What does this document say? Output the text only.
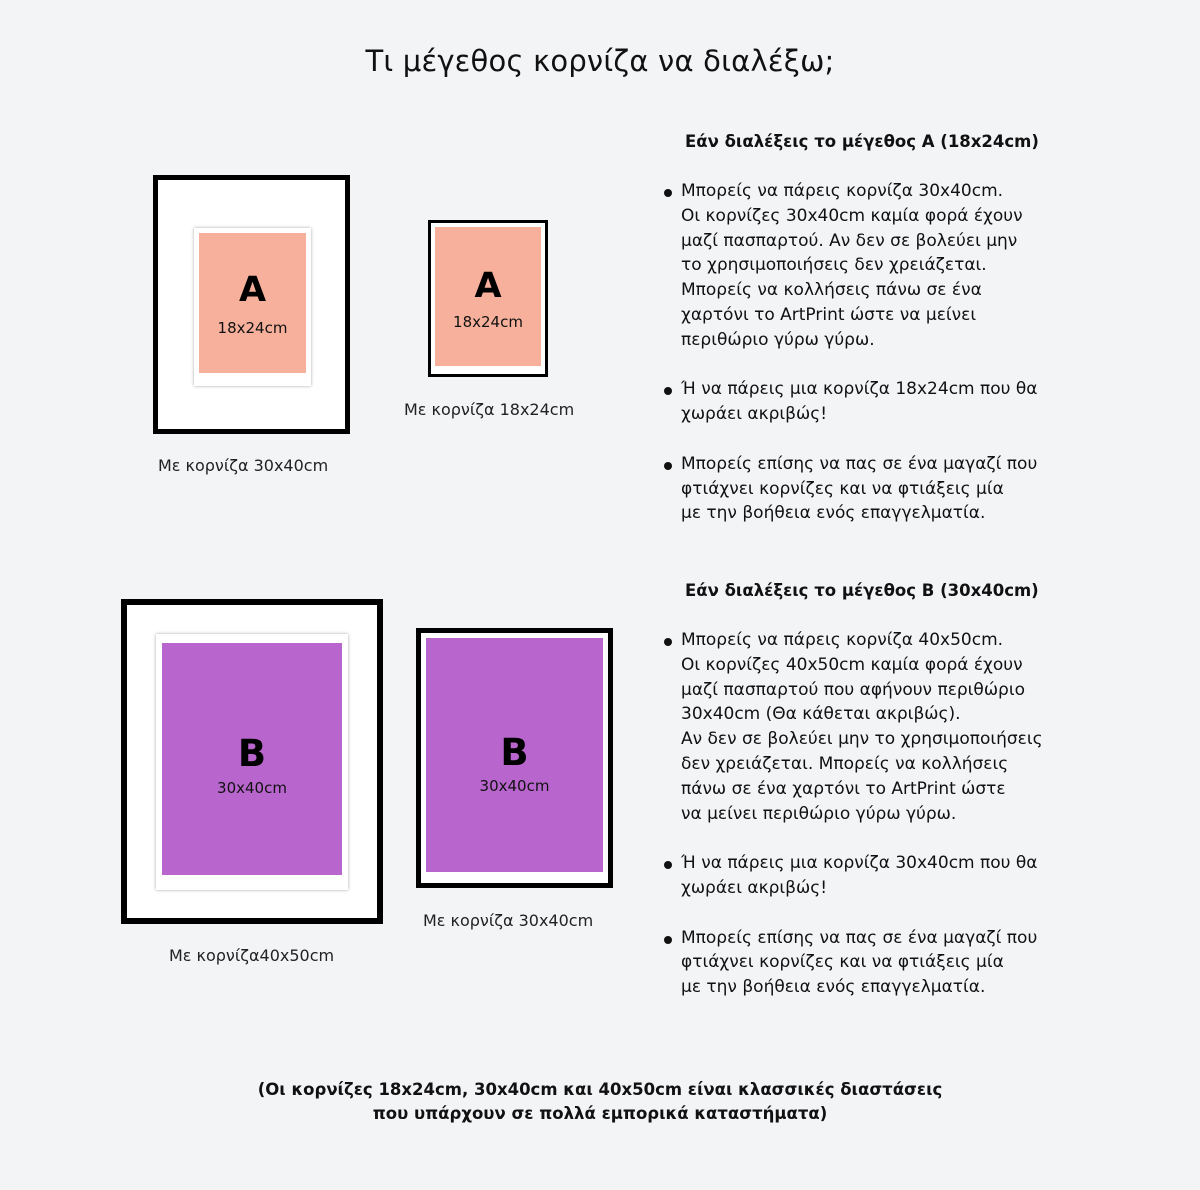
Τι μέγεθος κορνίζα να διαλέξω;
A
18x24cm
Με κορνίζα 30x40cm
A
18x24cm
Με κορνίζα 18x24cm
Εάν διαλέξεις το μέγεθος A (18x24cm)
Μπορείς να πάρεις κορνίζα 30x40cm.
Οι κορνίζες 30x40cm καμία φορά έχουν
μαζί πασπαρτού. Αν δεν σε βολεύει μην
το χρησιμοποιήσεις δεν χρειάζεται.
Μπορείς να κολλήσεις πάνω σε ένα
χαρτόνι το ArtPrint ώστε να μείνει
περιθώριο γύρω γύρω.
Ή να πάρεις μια κορνίζα 18x24cm που θα
χωράει ακριβώς!
Μπορείς επίσης να πας σε ένα μαγαζί που
φτιάχνει κορνίζες και να φτιάξεις μία
με την βοήθεια ενός επαγγελματία.
B
30x40cm
Με κορνίζα40x50cm
B
30x40cm
Με κορνίζα 30x40cm
Εάν διαλέξεις το μέγεθος B (30x40cm)
Μπορείς να πάρεις κορνίζα 40x50cm.
Οι κορνίζες 40x50cm καμία φορά έχουν
μαζί πασπαρτού που αφήνουν περιθώριο
30x40cm (Θα κάθεται ακριβώς).
Αν δεν σε βολεύει μην το χρησιμοποιήσεις
δεν χρειάζεται. Μπορείς να κολλήσεις
πάνω σε ένα χαρτόνι το ArtPrint ώστε
να μείνει περιθώριο γύρω γύρω.
Ή να πάρεις μια κορνίζα 30x40cm που θα
χωράει ακριβώς!
Μπορείς επίσης να πας σε ένα μαγαζί που
φτιάχνει κορνίζες και να φτιάξεις μία
με την βοήθεια ενός επαγγελματία.
(Οι κορνίζες 18x24cm, 30x40cm και 40x50cm είναι κλασσικές διαστάσεις
που υπάρχουν σε πολλά εμπορικά καταστήματα)
